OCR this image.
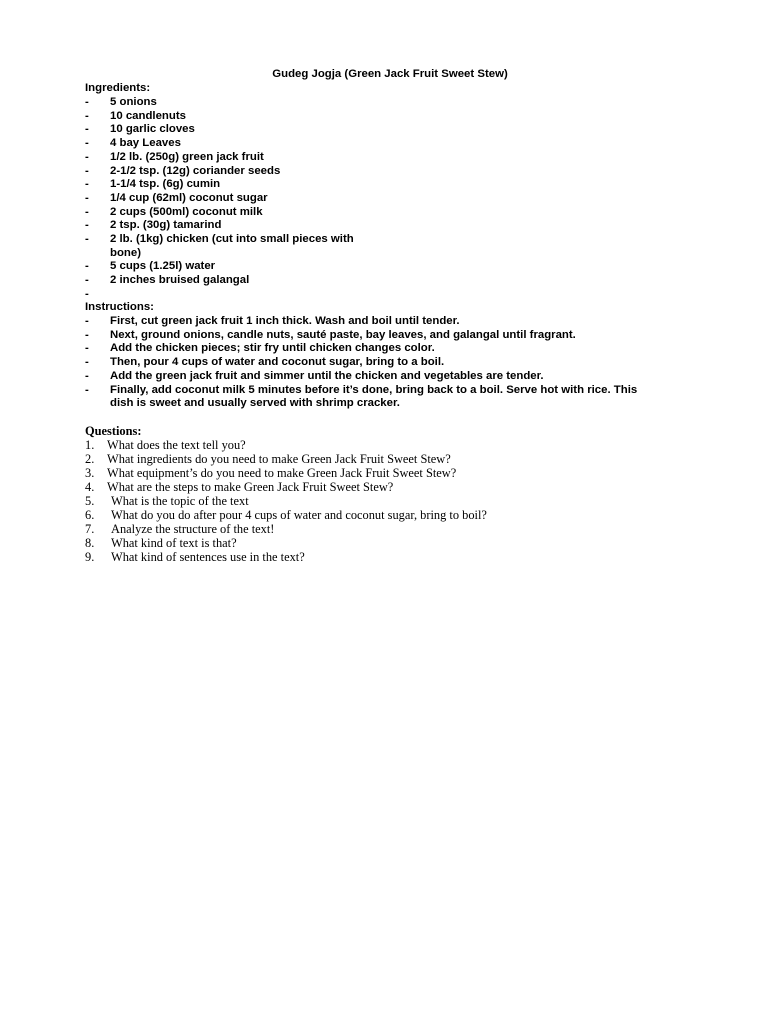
Gudeg Jogja (Green Jack Fruit Sweet Stew)
Ingredients:
- 5 onions
- 10 candlenuts
- 10 garlic cloves
- 4 bay Leaves
- 1/2 lb. (250g) green jack fruit
- 2-1/2 tsp. (12g) coriander seeds
- 1-1/4 tsp. (6g) cumin
- 1/4 cup (62ml) coconut sugar
- 2 cups (500ml) coconut milk
- 2 tsp. (30g) tamarind
- 2 lb. (1kg) chicken (cut into small pieces with bone)
- 5 cups (1.25l) water
- 2 inches bruised galangal
-
Instructions:
- First, cut green jack fruit 1 inch thick. Wash and boil until tender.
- Next, ground onions, candle nuts, sauté paste, bay leaves, and galangal until fragrant.
- Add the chicken pieces; stir fry until chicken changes color.
- Then, pour 4 cups of water and coconut sugar, bring to a boil.
- Add the green jack fruit and simmer until the chicken and vegetables are tender.
- Finally, add coconut milk 5 minutes before it’s done, bring back to a boil. Serve hot with rice. This dish is sweet and usually served with shrimp cracker.
Questions:
1. What does the text tell you?
2. What ingredients do you need to make Green Jack Fruit Sweet Stew?
3. What equipment’s do you need to make Green Jack Fruit Sweet Stew?
4. What are the steps to make Green Jack Fruit Sweet Stew?
5. What is the topic of the text
6. What do you do after pour 4 cups of water and coconut sugar, bring to boil?
7. Analyze the structure of the text!
8. What kind of text is that?
9. What kind of sentences use in the text?
